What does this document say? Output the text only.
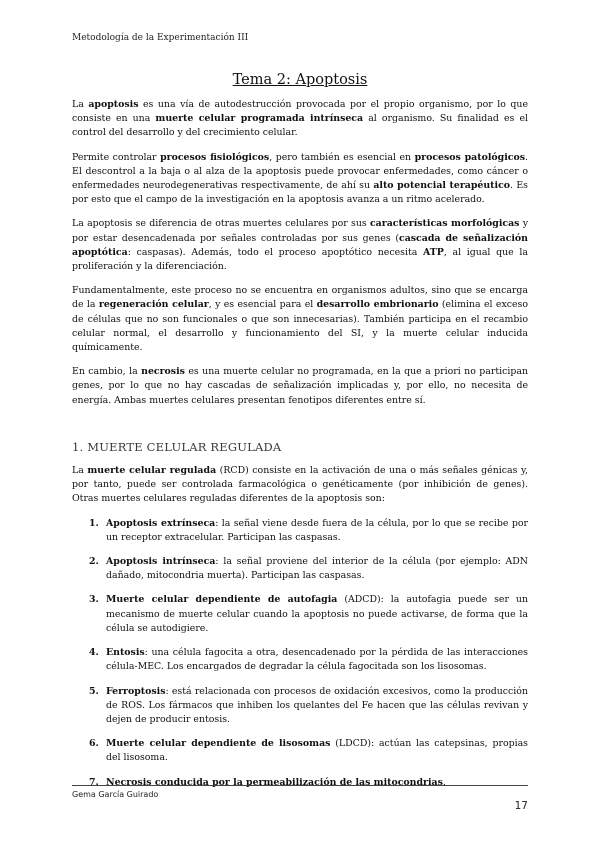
Metodología de la Experimentación III
Tema 2: Apoptosis

La apoptosis es una vía de autodestrucción provocada por el propio organismo, por lo que consiste en una muerte celular programada intrínseca al organismo. Su finalidad es el control del desarrollo y del crecimiento celular.

Permite controlar procesos fisiológicos, pero también es esencial en procesos patológicos. El descontrol a la baja o al alza de la apoptosis puede provocar enfermedades, como cáncer o enfermedades neurodegenerativas respectivamente, de ahí su alto potencial terapéutico. Es por esto que el campo de la investigación en la apoptosis avanza a un ritmo acelerado.

La apoptosis se diferencia de otras muertes celulares por sus características morfológicas y por estar desencadenada por señales controladas por sus genes (cascada de señalización apoptótica: caspasas). Además, todo el proceso apoptótico necesita ATP, al igual que la proliferación y la diferenciación.

Fundamentalmente, este proceso no se encuentra en organismos adultos, sino que se encarga de la regeneración celular, y es esencial para el desarrollo embrionario (elimina el exceso de células que no son funcionales o que son innecesarias). También participa en el recambio celular normal, el desarrollo y funcionamiento del SI, y la muerte celular inducida químicamente.

En cambio, la necrosis es una muerte celular no programada, en la que a priori no participan genes, por lo que no hay cascadas de señalización implicadas y, por ello, no necesita de energía. Ambas muertes celulares presentan fenotipos diferentes entre sí.

1. MUERTE CELULAR REGULADA

La muerte celular regulada (RCD) consiste en la activación de una o más señales génicas y, por tanto, puede ser controlada farmacológica o genéticamente (por inhibición de genes). Otras muertes celulares reguladas diferentes de la apoptosis son:

1. Apoptosis extrínseca: la señal viene desde fuera de la célula, por lo que se recibe por un receptor extracelular. Participan las caspasas.
2. Apoptosis intrínseca: la señal proviene del interior de la célula (por ejemplo: ADN dañado, mitocondria muerta). Participan las caspasas.
3. Muerte celular dependiente de autofagia (ADCD): la autofagia puede ser un mecanismo de muerte celular cuando la apoptosis no puede activarse, de forma que la célula se autodigiere.
4. Entosis: una célula fagocita a otra, desencadenado por la pérdida de las interacciones célula-MEC. Los encargados de degradar la célula fagocitada son los lisosomas.
5. Ferroptosis: está relacionada con procesos de oxidación excesivos, como la producción de ROS. Los fármacos que inhiben los quelantes del Fe hacen que las células revivan y dejen de producir entosis.
6. Muerte celular dependiente de lisosomas (LDCD): actúan las catepsinas, propias del lisosoma.
7. Necrosis conducida por la permeabilización de las mitocondrias.
Gema García Guirado
17
